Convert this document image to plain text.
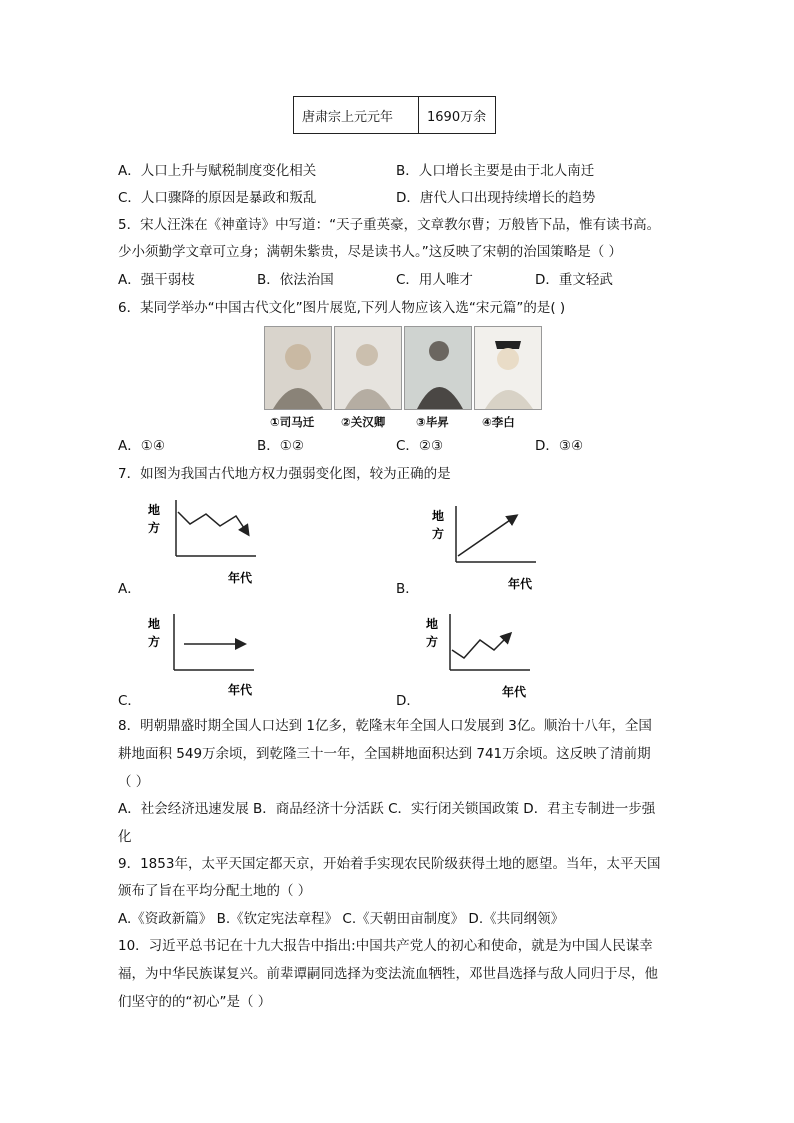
唐肃宗上元元年	1690万余
A．人口上升与赋税制度变化相关	B．人口增长主要是由于北人南迁
C．人口骤降的原因是暴政和叛乱	D．唐代人口出现持续增长的趋势
5．宋人汪洙在《神童诗》中写道：“天子重英豪，文章教尔曹；万般皆下品，惟有读书高。
少小须勤学文章可立身；满朝朱紫贵，尽是读书人。”这反映了宋朝的治国策略是（ ）
A．强干弱枝	B．依法治国	C．用人唯才	D．重文轻武
6．某同学举办“中国古代文化”图片展览,下列人物应该入选“宋元篇”的是( )
①司马迁 ②关汉卿	③毕昇	④李白
A．①④	B．①②	C．②③	D．③④
7．如图为我国古代地方权力强弱变化图，较为正确的是
地
方
年代
A．
地
方
年代
B．
地
方
年代
C．
地
方
年代
D．
8．明朝鼎盛时期全国人口达到 1亿多，乾隆末年全国人口发展到 3亿。顺治十八年，全国
耕地面积 549万余顷，到乾隆三十一年，全国耕地面积达到 741万余顷。这反映了清前期
（ ）
A．社会经济迅速发展 B．商品经济十分活跃 C．实行闭关锁国政策 D．君主专制进一步强
化
9．1853年，太平天国定都天京，开始着手实现农民阶级获得土地的愿望。当年，太平天国
颁布了旨在平均分配土地的（ ）
A.《资政新篇》 B.《钦定宪法章程》 C.《天朝田亩制度》 D.《共同纲领》
10．习近平总书记在十九大报告中指出:中国共产党人的初心和使命，就是为中国人民谋幸
福，为中华民族谋复兴。前辈谭嗣同选择为变法流血牺牲，邓世昌选择与敌人同归于尽，他
们坚守的的“初心”是（ ）
